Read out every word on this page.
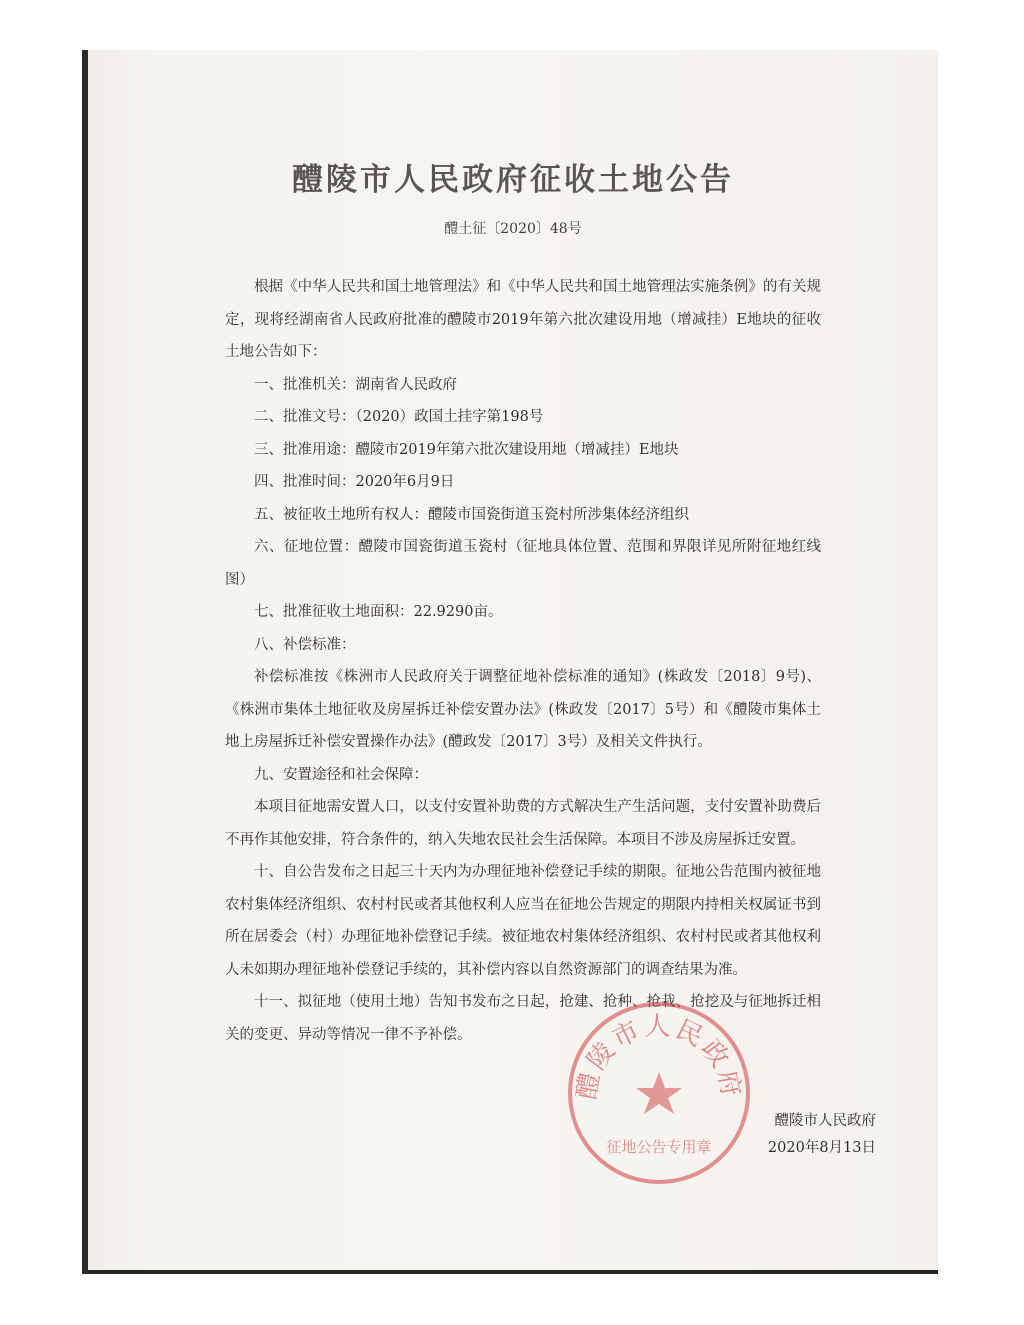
醴陵市人民政府征收土地公告
醴土征〔2020〕48号

根据《中华人民共和国土地管理法》和《中华人民共和国土地管理法实施条例》的有关规定，现将经湖南省人民政府批准的醴陵市2019年第六批次建设用地（增减挂）E地块的征收土地公告如下：

一、批准机关：湖南省人民政府

二、批准文号：（2020）政国土挂字第198号

三、批准用途：醴陵市2019年第六批次建设用地（增减挂）E地块

四、批准时间：2020年6月9日

五、被征收土地所有权人：醴陵市国瓷街道玉瓷村所涉集体经济组织

六、征地位置：醴陵市国瓷街道玉瓷村（征地具体位置、范围和界限详见所附征地红线图）

七、批准征收土地面积：22.9290亩。

八、补偿标准：

补偿标准按《株洲市人民政府关于调整征地补偿标准的通知》(株政发〔2018〕9号)、《株洲市集体土地征收及房屋拆迁补偿安置办法》(株政发〔2017〕5号）和《醴陵市集体土地上房屋拆迁补偿安置操作办法》(醴政发〔2017〕3号）及相关文件执行。

九、安置途径和社会保障：

本项目征地需安置人口，以支付安置补助费的方式解决生产生活问题，支付安置补助费后不再作其他安排，符合条件的，纳入失地农民社会生活保障。本项目不涉及房屋拆迁安置。

十、自公告发布之日起三十天内为办理征地补偿登记手续的期限。征地公告范围内被征地农村集体经济组织、农村村民或者其他权利人应当在征地公告规定的期限内持相关权属证书到所在居委会（村）办理征地补偿登记手续。被征地农村集体经济组织、农村村民或者其他权利人未如期办理征地补偿登记手续的，其补偿内容以自然资源部门的调查结果为准。

十一、拟征地（使用土地）告知书发布之日起，抢建、抢种、抢栽、抢挖及与征地拆迁相关的变更、异动等情况一律不予补偿。

醴陵市人民政府
征地公告专用章
醴陵市人民政府
2020年8月13日
